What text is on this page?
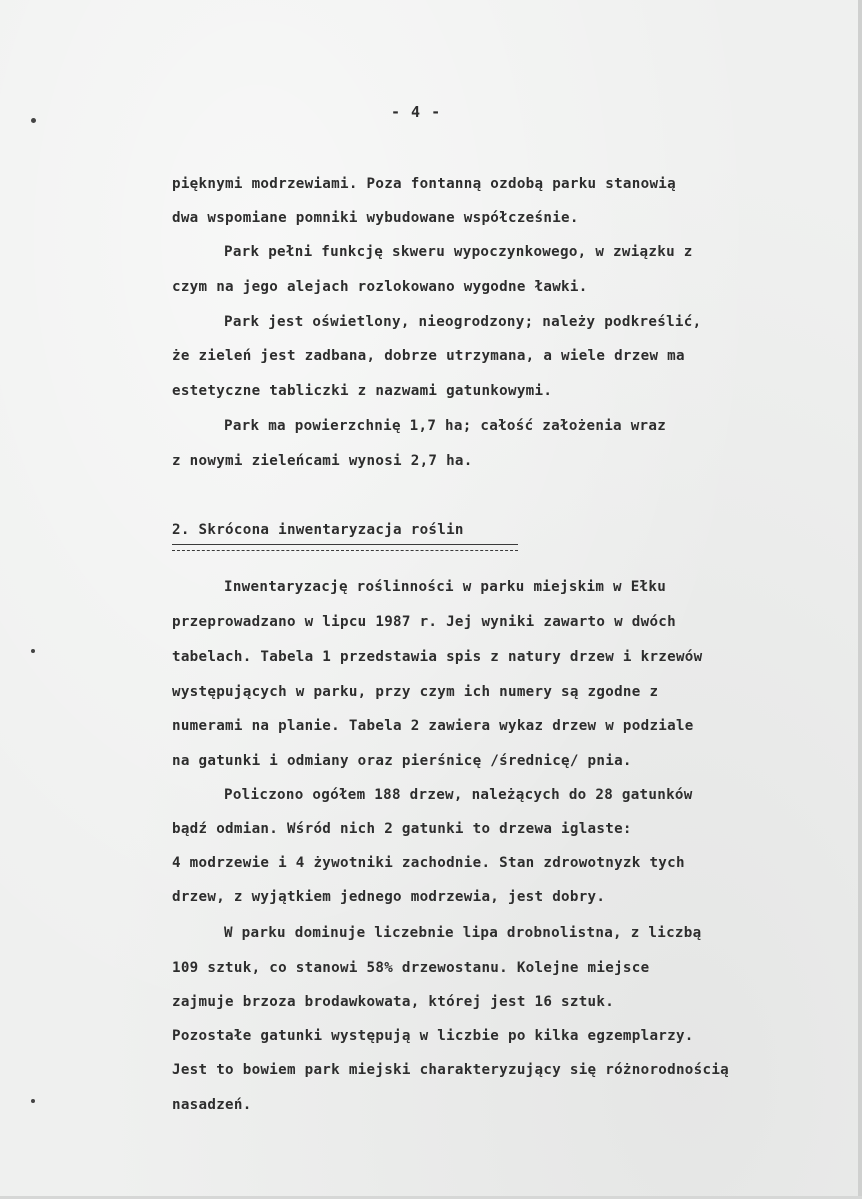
- 4 -
pięknymi modrzewiami. Poza fontanną ozdobą parku stanowią
dwa wspomiane pomniki wybudowane współcześnie.
Park pełni funkcję skweru wypoczynkowego, w związku z
czym na jego alejach rozlokowano wygodne ławki.
Park jest oświetlony, nieogrodzony; należy podkreślić,
że zieleń jest zadbana, dobrze utrzymana, a wiele drzew ma
estetyczne tabliczki z nazwami gatunkowymi.
Park ma powierzchnię 1,7 ha; całość założenia wraz
z nowymi zieleńcami wynosi 2,7 ha.
2. Skrócona inwentaryzacja roślin
Inwentaryzację roślinności w parku miejskim w Ełku
przeprowadzano w lipcu 1987 r. Jej wyniki zawarto w dwóch
tabelach. Tabela 1 przedstawia spis z natury drzew i krzewów
występujących w parku, przy czym ich numery są zgodne z
numerami na planie. Tabela 2 zawiera wykaz drzew w podziale
na gatunki i odmiany oraz pierśnicę /średnicę/ pnia.
Policzono ogółem 188 drzew, należących do 28 gatunków
bądź odmian. Wśród nich 2 gatunki to drzewa iglaste:
4 modrzewie i 4 żywotniki zachodnie. Stan zdrowotnyzk tych
drzew, z wyjątkiem jednego modrzewia, jest dobry.
W parku dominuje liczebnie lipa drobnolistna, z liczbą
109 sztuk, co stanowi 58% drzewostanu. Kolejne miejsce
zajmuje brzoza brodawkowata, której jest 16 sztuk.
Pozostałe gatunki występują w liczbie po kilka egzemplarzy.
Jest to bowiem park miejski charakteryzujący się różnorodnością
nasadzeń.
